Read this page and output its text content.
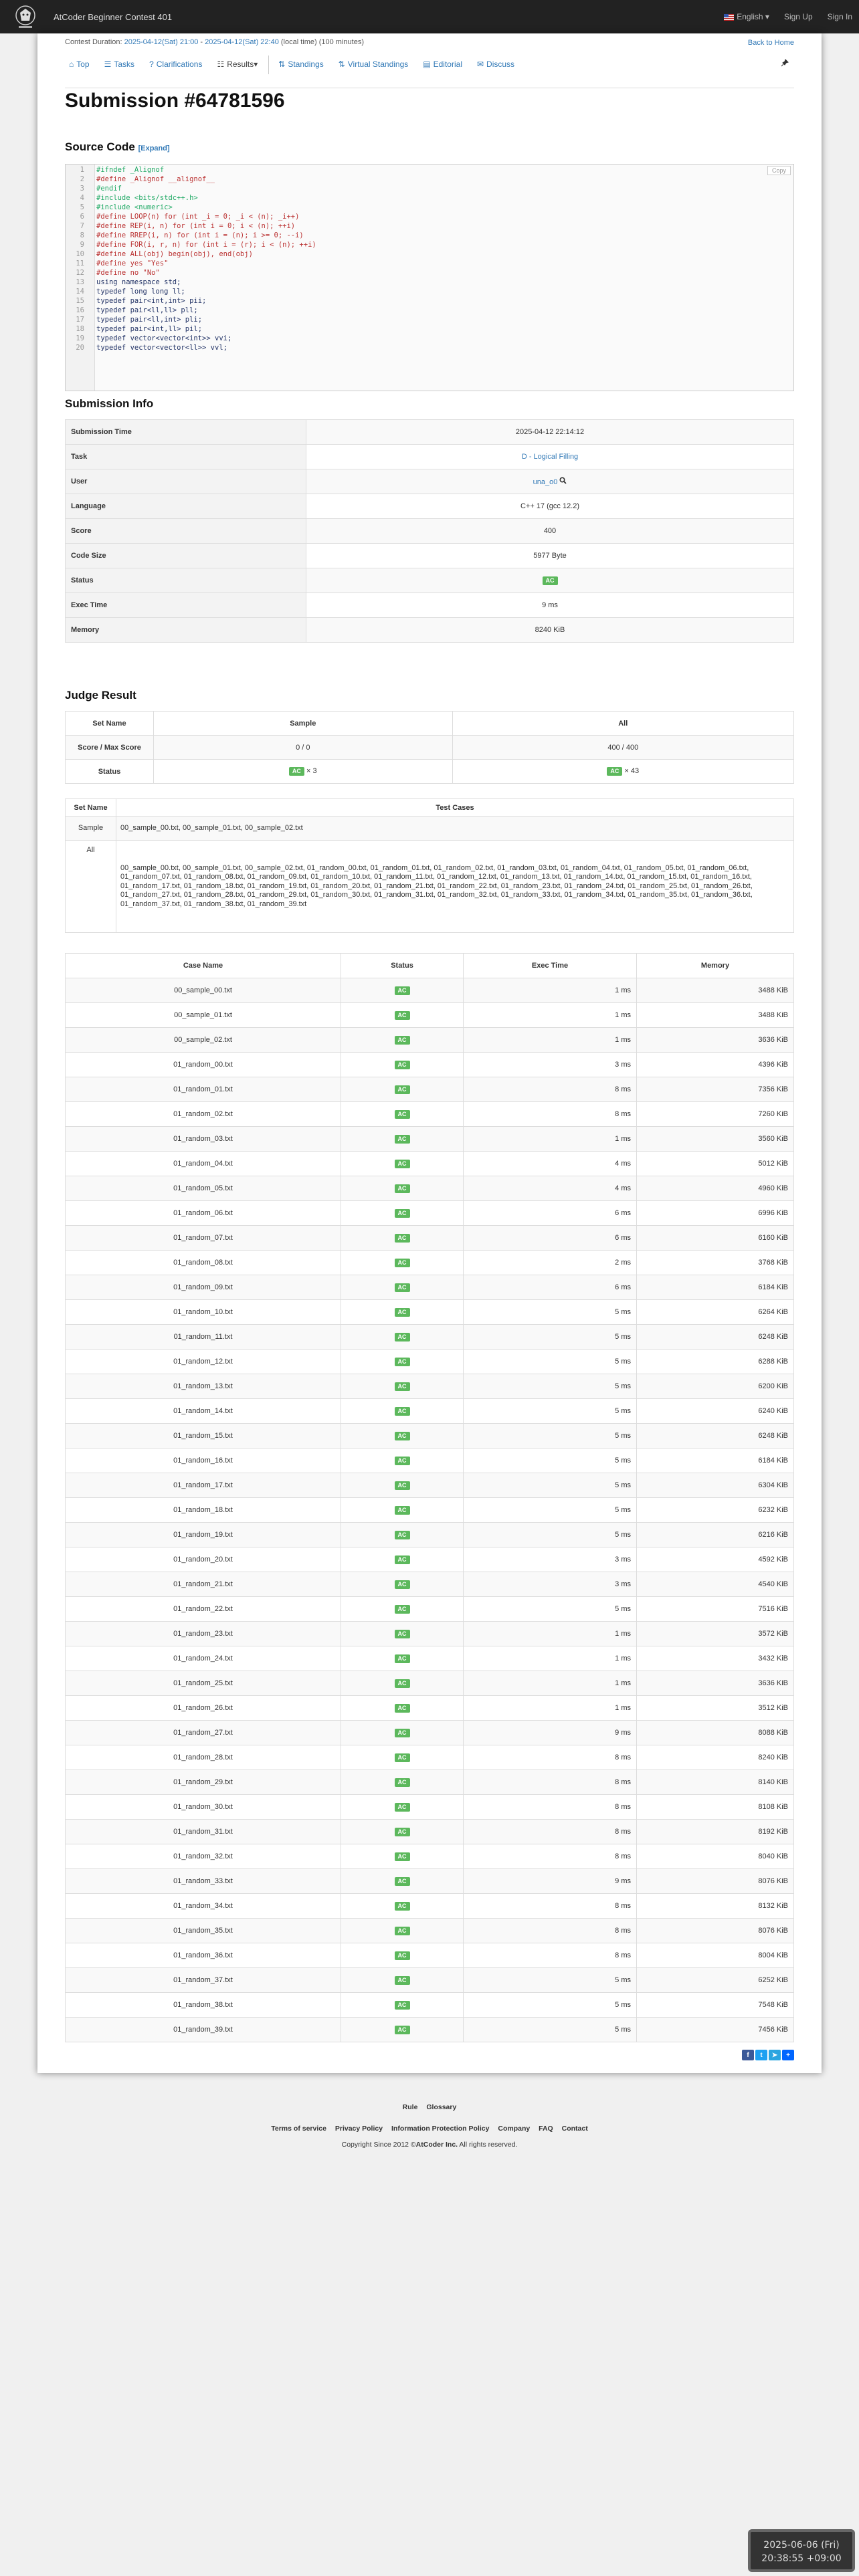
AtCoder Beginner Contest 401	English ▾ Sign Up Sign In
Contest Duration: 2025-04-12(Sat) 21:00 - 2025-04-12(Sat) 22:40 (local time) (100 minutes)	Back to Home
⌂ Top ☰ Tasks ? Clarifications ☷ Results ▾	⇅ Standings ⇅ Virtual Standings ▤ Editorial ✉ Discuss
Submission #64781596
Source Code [Expand]
1 #ifndef _Alignof
2 #define _Alignof __alignof__
3 #endif
4 #include <bits/stdc++.h>
5 #include <numeric>
6 #define LOOP(n) for (int _i = 0; _i < (n); _i++)
7 #define REP(i, n) for (int i = 0; i < (n); ++i)
8 #define RREP(i, n) for (int i = (n); i >= 0; --i)
9 #define FOR(i, r, n) for (int i = (r); i < (n); ++i)
10 #define ALL(obj) begin(obj), end(obj)
11 #define yes "Yes"
12 #define no "No"
13 using namespace std;
14 typedef long long ll;
15 typedef pair<int,int> pii;
16 typedef pair<ll,ll> pll;
17 typedef pair<ll,int> pli;
18 typedef pair<int,ll> pil;
19 typedef vector<vector<int>> vvi;
20 typedef vector<vector<ll>> vvl;
Copy
Submission Info
Submission Time	2025-04-12 22:14:12
Task	D - Logical Filling
User	una_o0
Language	C++ 17 (gcc 12.2)
Score	400
Code Size	5977 Byte
Status	AC
Exec Time	9 ms
Memory	8240 KiB
Judge Result
Set Name	Sample	All
Score / Max Score	0 / 0	400 / 400
Status	AC × 3	AC × 43
Set Name	Test Cases
Sample	00_sample_00.txt, 00_sample_01.txt, 00_sample_02.txt
All	00_sample_00.txt, 00_sample_01.txt, 00_sample_02.txt, 01_random_00.txt, 01_random_01.txt, 01_random_02.txt, 01_random_03.txt, 01_random_04.txt, 01_random_05.txt, 01_random_06.txt, 01_random_07.txt, 01_random_08.txt, 01_random_09.txt, 01_random_10.txt, 01_random_11.txt, 01_random_12.txt, 01_random_13.txt, 01_random_14.txt, 01_random_15.txt, 01_random_16.txt, 01_random_17.txt, 01_random_18.txt, 01_random_19.txt, 01_random_20.txt, 01_random_21.txt, 01_random_22.txt, 01_random_23.txt, 01_random_24.txt, 01_random_25.txt, 01_random_26.txt, 01_random_27.txt, 01_random_28.txt, 01_random_29.txt, 01_random_30.txt, 01_random_31.txt, 01_random_32.txt, 01_random_33.txt, 01_random_34.txt, 01_random_35.txt, 01_random_36.txt, 01_random_37.txt, 01_random_38.txt, 01_random_39.txt
Case Name	Status	Exec Time	Memory
00_sample_00.txt	AC	1 ms	3488 KiB
00_sample_01.txt	AC	1 ms	3488 KiB
00_sample_02.txt	AC	1 ms	3636 KiB
01_random_00.txt	AC	3 ms	4396 KiB
01_random_01.txt	AC	8 ms	7356 KiB
01_random_02.txt	AC	8 ms	7260 KiB
01_random_03.txt	AC	1 ms	3560 KiB
01_random_04.txt	AC	4 ms	5012 KiB
01_random_05.txt	AC	4 ms	4960 KiB
01_random_06.txt	AC	6 ms	6996 KiB
01_random_07.txt	AC	6 ms	6160 KiB
01_random_08.txt	AC	2 ms	3768 KiB
01_random_09.txt	AC	6 ms	6184 KiB
01_random_10.txt	AC	5 ms	6264 KiB
01_random_11.txt	AC	5 ms	6248 KiB
01_random_12.txt	AC	5 ms	6288 KiB
01_random_13.txt	AC	5 ms	6200 KiB
01_random_14.txt	AC	5 ms	6240 KiB
01_random_15.txt	AC	5 ms	6248 KiB
01_random_16.txt	AC	5 ms	6184 KiB
01_random_17.txt	AC	5 ms	6304 KiB
01_random_18.txt	AC	5 ms	6232 KiB
01_random_19.txt	AC	5 ms	6216 KiB
01_random_20.txt	AC	3 ms	4592 KiB
01_random_21.txt	AC	3 ms	4540 KiB
01_random_22.txt	AC	5 ms	7516 KiB
01_random_23.txt	AC	1 ms	3572 KiB
01_random_24.txt	AC	1 ms	3432 KiB
01_random_25.txt	AC	1 ms	3636 KiB
01_random_26.txt	AC	1 ms	3512 KiB
01_random_27.txt	AC	9 ms	8088 KiB
01_random_28.txt	AC	8 ms	8240 KiB
01_random_29.txt	AC	8 ms	8140 KiB
01_random_30.txt	AC	8 ms	8108 KiB
01_random_31.txt	AC	8 ms	8192 KiB
01_random_32.txt	AC	8 ms	8040 KiB
01_random_33.txt	AC	9 ms	8076 KiB
01_random_34.txt	AC	8 ms	8132 KiB
01_random_35.txt	AC	8 ms	8076 KiB
01_random_36.txt	AC	8 ms	8004 KiB
01_random_37.txt	AC	5 ms	6252 KiB
01_random_38.txt	AC	5 ms	7548 KiB
01_random_39.txt	AC	5 ms	7456 KiB
f	t	➤	+
Rule Glossary
Terms of service Privacy Policy Information Protection Policy Company FAQ Contact
Copyright Since 2012 ©AtCoder Inc. All rights reserved.
2025-06-06 (Fri)
20:38:55 +09:00
